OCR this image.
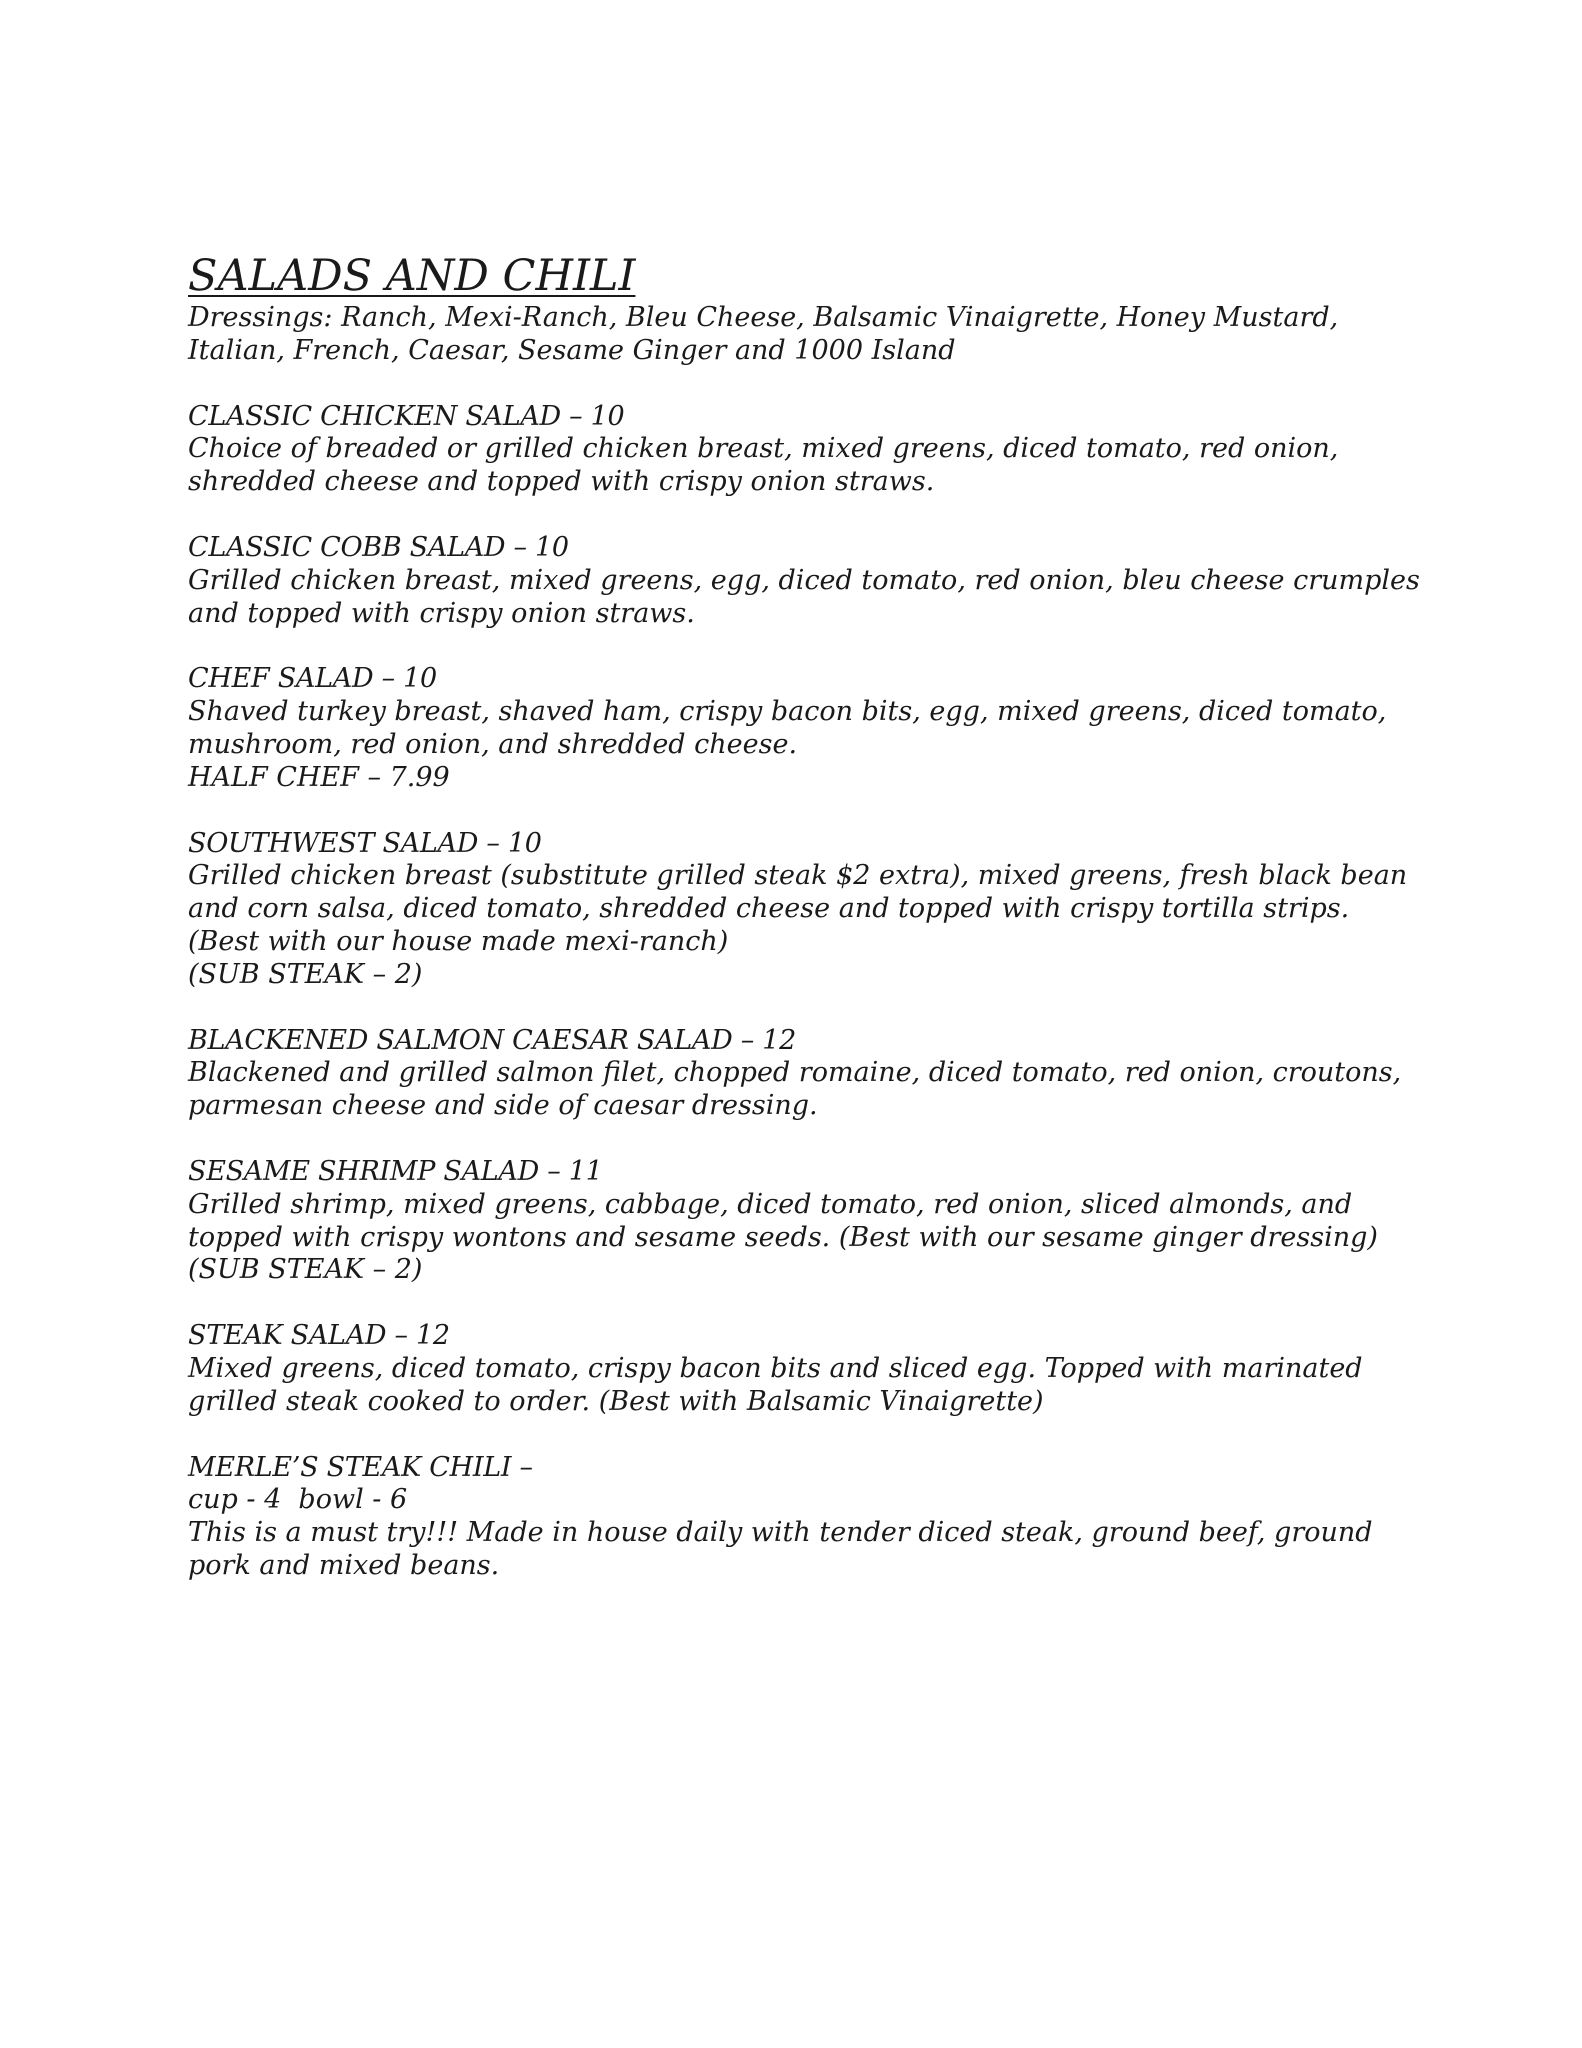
SALADS AND CHILI
Dressings: Ranch, Mexi-Ranch, Bleu Cheese, Balsamic Vinaigrette, Honey Mustard,
Italian, French, Caesar, Sesame Ginger and 1000 Island
CLASSIC CHICKEN SALAD – 10
Choice of breaded or grilled chicken breast, mixed greens, diced tomato, red onion,
shredded cheese and topped with crispy onion straws.
CLASSIC COBB SALAD – 10
Grilled chicken breast, mixed greens, egg, diced tomato, red onion, bleu cheese crumples
and topped with crispy onion straws.
CHEF SALAD – 10
Shaved turkey breast, shaved ham, crispy bacon bits, egg, mixed greens, diced tomato,
mushroom, red onion, and shredded cheese.
HALF CHEF – 7.99
SOUTHWEST SALAD – 10
Grilled chicken breast (substitute grilled steak $2 extra), mixed greens, fresh black bean
and corn salsa, diced tomato, shredded cheese and topped with crispy tortilla strips.
(Best with our house made mexi-ranch)
(SUB STEAK – 2)
BLACKENED SALMON CAESAR SALAD – 12
Blackened and grilled salmon filet, chopped romaine, diced tomato, red onion, croutons,
parmesan cheese and side of caesar dressing.
SESAME SHRIMP SALAD – 11
Grilled shrimp, mixed greens, cabbage, diced tomato, red onion, sliced almonds, and
topped with crispy wontons and sesame seeds. (Best with our sesame ginger dressing)
(SUB STEAK – 2)
STEAK SALAD – 12
Mixed greens, diced tomato, crispy bacon bits and sliced egg. Topped with marinated
grilled steak cooked to order. (Best with Balsamic Vinaigrette)
MERLE’S STEAK CHILI –
cup - 4  bowl - 6
This is a must try!!! Made in house daily with tender diced steak, ground beef, ground
pork and mixed beans.
